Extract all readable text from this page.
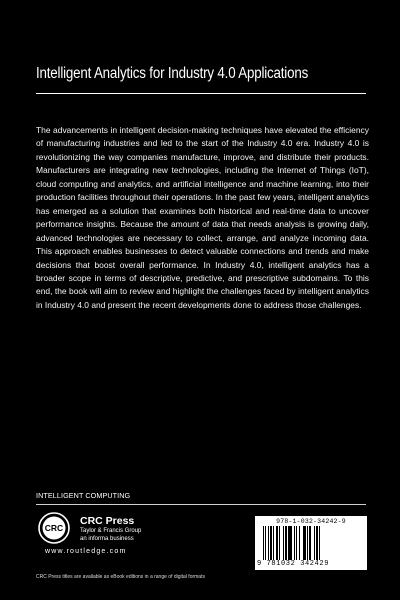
Intelligent Analytics for Industry 4.0 Applications
The advancements in intelligent decision-making techniques have elevated the efficiency of manufacturing industries and led to the start of the Industry 4.0 era. Industry 4.0 is revolutionizing the way companies manufacture, improve, and distribute their products. Manufacturers are integrating new technologies, including the Internet of Things (IoT), cloud computing and analytics, and artificial intelligence and machine learning, into their production facilities throughout their operations. In the past few years, intelligent analytics has emerged as a solution that examines both historical and real-time data to uncover performance insights. Because the amount of data that needs analysis is growing daily, advanced technologies are necessary to collect, arrange, and analyze incoming data. This approach enables businesses to detect valuable connections and trends and make decisions that boost overall performance. In Industry 4.0, intelligent analytics has a broader scope in terms of descriptive, predictive, and prescriptive subdomains. To this end, the book will aim to review and highlight the challenges faced by intelligent analytics in Industry 4.0 and present the recent developments done to address those challenges.
INTELLIGENT COMPUTING
CRC
CRC Press
Taylor & Francis Group
an informa business
www.routledge.com
CRC Press titles are available as eBook editions in a range of digital formats
978-1-032-34242-9
9 781032 342429
